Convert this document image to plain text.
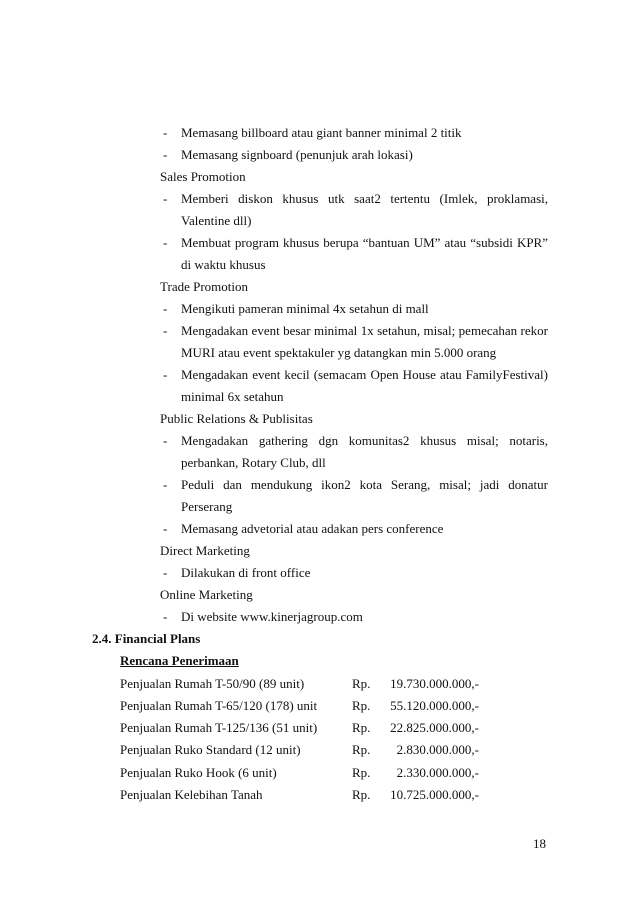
- Memasang billboard atau giant banner minimal 2 titik
- Memasang signboard (penunjuk arah lokasi)
Sales Promotion
- Memberi diskon khusus utk saat2 tertentu (Imlek, proklamasi,
Valentine dll)
- Membuat program khusus berupa “bantuan UM” atau “subsidi KPR”
di waktu khusus
Trade Promotion
- Mengikuti pameran minimal 4x setahun di mall
- Mengadakan event besar minimal 1x setahun, misal; pemecahan rekor
MURI atau event spektakuler yg datangkan min 5.000 orang
- Mengadakan event kecil (semacam Open House atau FamilyFestival)
minimal 6x setahun
Public Relations & Publisitas
- Mengadakan gathering dgn komunitas2 khusus misal; notaris,
perbankan, Rotary Club, dll
- Peduli dan mendukung ikon2 kota Serang, misal; jadi donatur
Perserang
- Memasang advetorial atau adakan pers conference
Direct Marketing
- Dilakukan di front office
Online Marketing
- Di website www.kinerjagroup.com
2.4. Financial Plans
Rencana Penerimaan
Penjualan Rumah T-50/90 (89 unit)	Rp.	19.730.000.000,-
Penjualan Rumah T-65/120 (178) unit	Rp.	55.120.000.000,-
Penjualan Rumah T-125/136 (51 unit)	Rp.	22.825.000.000,-
Penjualan Ruko Standard (12 unit)	Rp.	2.830.000.000,-
Penjualan Ruko Hook (6 unit)	Rp.	2.330.000.000,-
Penjualan Kelebihan Tanah	Rp.	10.725.000.000,-
18
